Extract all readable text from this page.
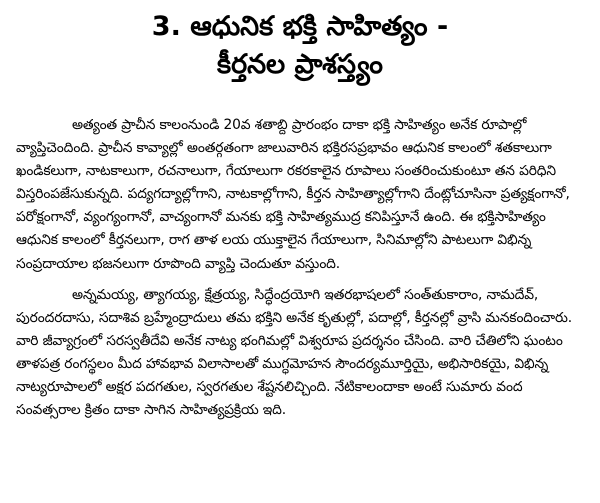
3. ఆధునిక భక్తి సాహిత్యం -
కీర్తనల ప్రాశస్త్యం

అత్యంత ప్రాచీన కాలంనుండి 20వ శతాబ్ది ప్రారంభం దాకా భక్తి సాహిత్యం అనేక రూపాల్లో వ్యాప్తిచెందింది. ప్రాచీన కావ్యాల్లో అంతర్గతంగా జాలువారిన భక్తిరసప్రభావం ఆధునిక కాలంలో శతకాలుగా ఖండికలుగా, నాటకాలుగా, రచనాలుగా, గేయాలుగా రకరకాలైన రూపాలు సంతరించుకుంటూ తన పరిధిని విస్తరింపజేసుకున్నది. పద్యగద్యాల్లోగాని, నాటకాల్లోగాని, కీర్తన సాహిత్యాల్లోగాని దేంట్లోచూసినా ప్రత్యక్షంగానో, పరోక్షంగానో, వ్యంగ్యంగానో, వాచ్యంగానో మనకు భక్తి సాహిత్యముద్ర కనిపిస్తూనే ఉంది. ఈ భక్తిసాహిత్యం ఆధునిక కాలంలో కీర్తనలుగా, రాగ తాళ లయ యుక్తాలైన గేయాలుగా, సినిమాల్లోని పాటలుగా విభిన్న సంప్రదాయాల భజనలుగా రూపొంది వ్యాప్తి చెందుతూ వస్తుంది.

అన్నమయ్య, త్యాగయ్య, క్షేత్రయ్య, సిద్ధేంద్రయోగి ఇతరభాషలలో సంత్‌తుకారాం, నామదేవ్, పురందరదాసు, సదాశివ బ్రహ్మేంద్రాదులు తమ భక్తిని అనేక కృతుల్లో, పదాల్లో, కీర్తనల్లో వ్రాసి మనకందించారు. వారి జీవ్యాగ్రంలో సరస్వతీదేవి అనేక నాట్య భంగిమల్లో విశ్వరూప ప్రదర్శనం చేసింది. వారి చేతిలోని ఘంటం తాళపత్ర రంగస్థలం మీద హావభావ విలాసాలతో ముగ్ధమోహన సౌందర్యమూర్తియై, అభిసారికయై, విభిన్న నాట్యరూపాలలో అక్షర పదగతుల, స్వరగతుల శేష్టనలిచ్చింది. నేటికాలందాకా అంటే సుమారు వంద సంవత్సరాల క్రితం దాకా సాగిన సాహిత్యప్రక్రియ ఇది.
